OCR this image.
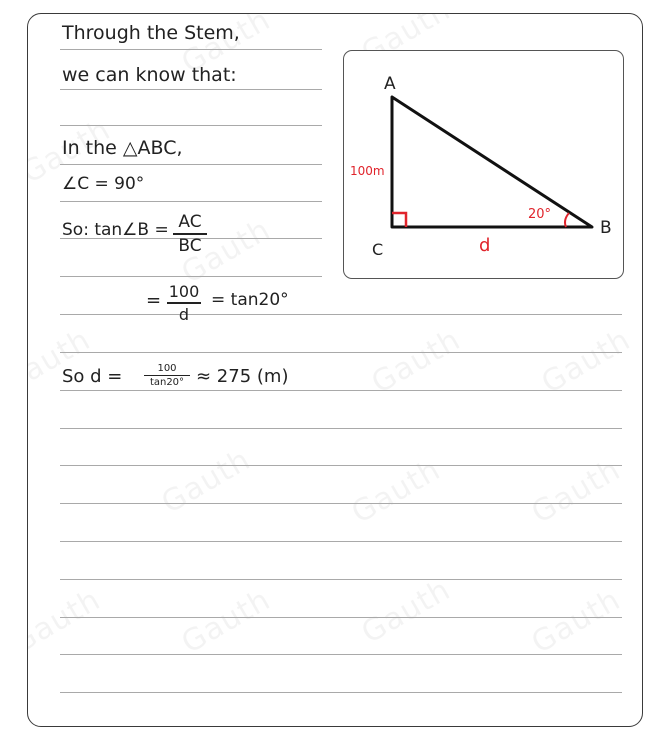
Through the Stem,
we can know that:
In the △ABC,
∠C = 90°
So: tan∠B = AC
BC
= 100
d
= tan20°
So d =	100
tan20° ≈ 275 (m)
A
B
C
100m
d
20°
